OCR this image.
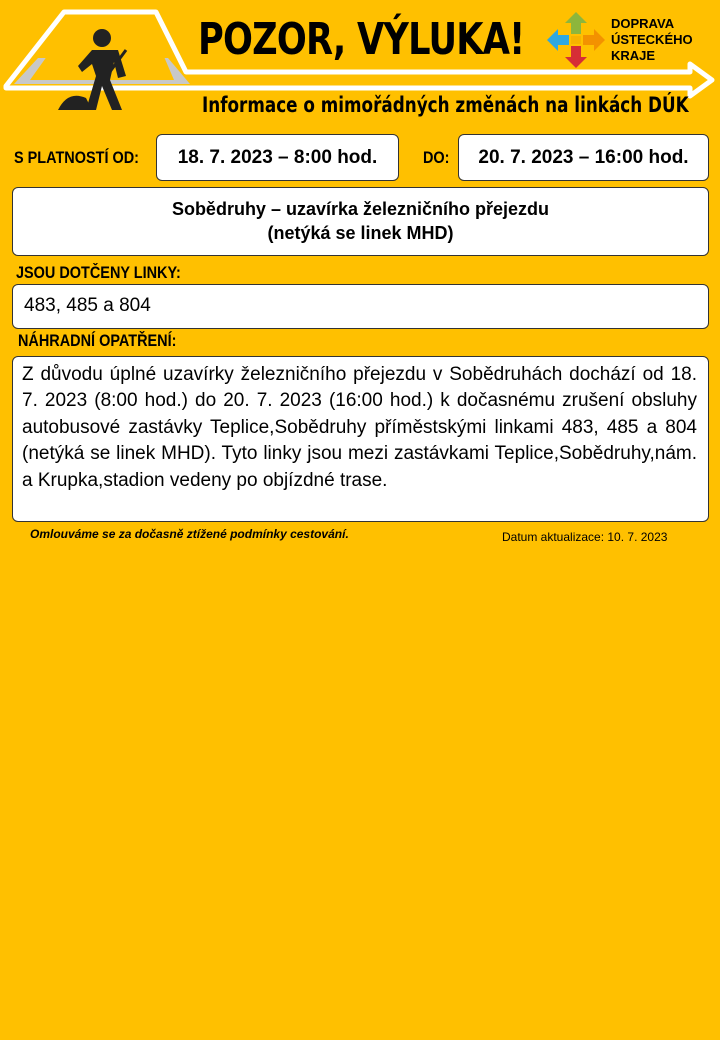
POZOR, VÝLUKA!
Informace o mimořádných změnách na linkách DÚK
DOPRAVA
ÚSTECKÉHO
KRAJE
S PLATNOSTÍ OD:	18. 7. 2023 – 8:00 hod.	DO:	20. 7. 2023 – 16:00 hod.
Sobědruhy – uzavírka železničního přejezdu
(netýká se linek MHD)
JSOU DOTČENY LINKY:
483, 485 a 804
NÁHRADNÍ OPATŘENÍ:
Z důvodu úplné uzavírky železničního přejezdu v Sobědruhách dochází od 18. 7. 2023 (8:00 hod.) do 20. 7. 2023 (16:00 hod.) k dočasnému zrušení obsluhy autobusové zastávky Teplice,Sobědruhy příměstskými linkami 483, 485 a 804 (netýká se linek MHD). Tyto linky jsou mezi zastávkami Teplice,Sobědruhy,nám. a Krupka,stadion vedeny po objízdné trase.
Omlouváme se za dočasně ztížené podmínky cestování.	Datum aktualizace: 10. 7. 2023
